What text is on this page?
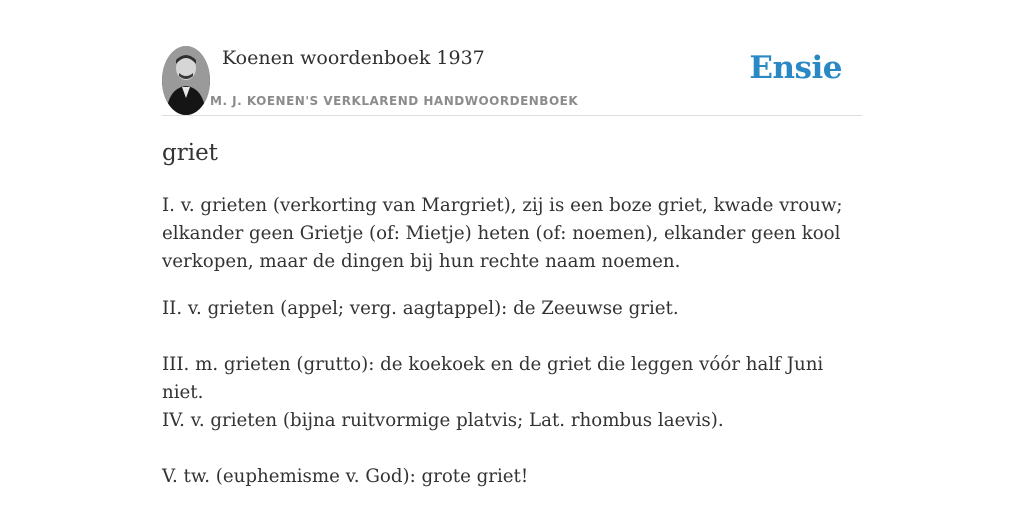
Koenen woordenboek 1937
M. J. KOENEN'S VERKLAREND HANDWOORDENBOEK
Ensie
griet

I. v. grieten (verkorting van Margriet), zij is een boze griet, kwade vrouw; elkander geen Grietje (of: Mietje) heten (of: noemen), elkander geen kool verkopen, maar de dingen bij hun rechte naam noemen.

II. v. grieten (appel; verg. aagtappel): de Zeeuwse griet.

III. m. grieten (grutto): de koekoek en de griet die leggen vóór half Juni niet.

IV. v. grieten (bijna ruitvormige platvis; Lat. rhombus laevis).

V. tw. (euphemisme v. God): grote griet!
